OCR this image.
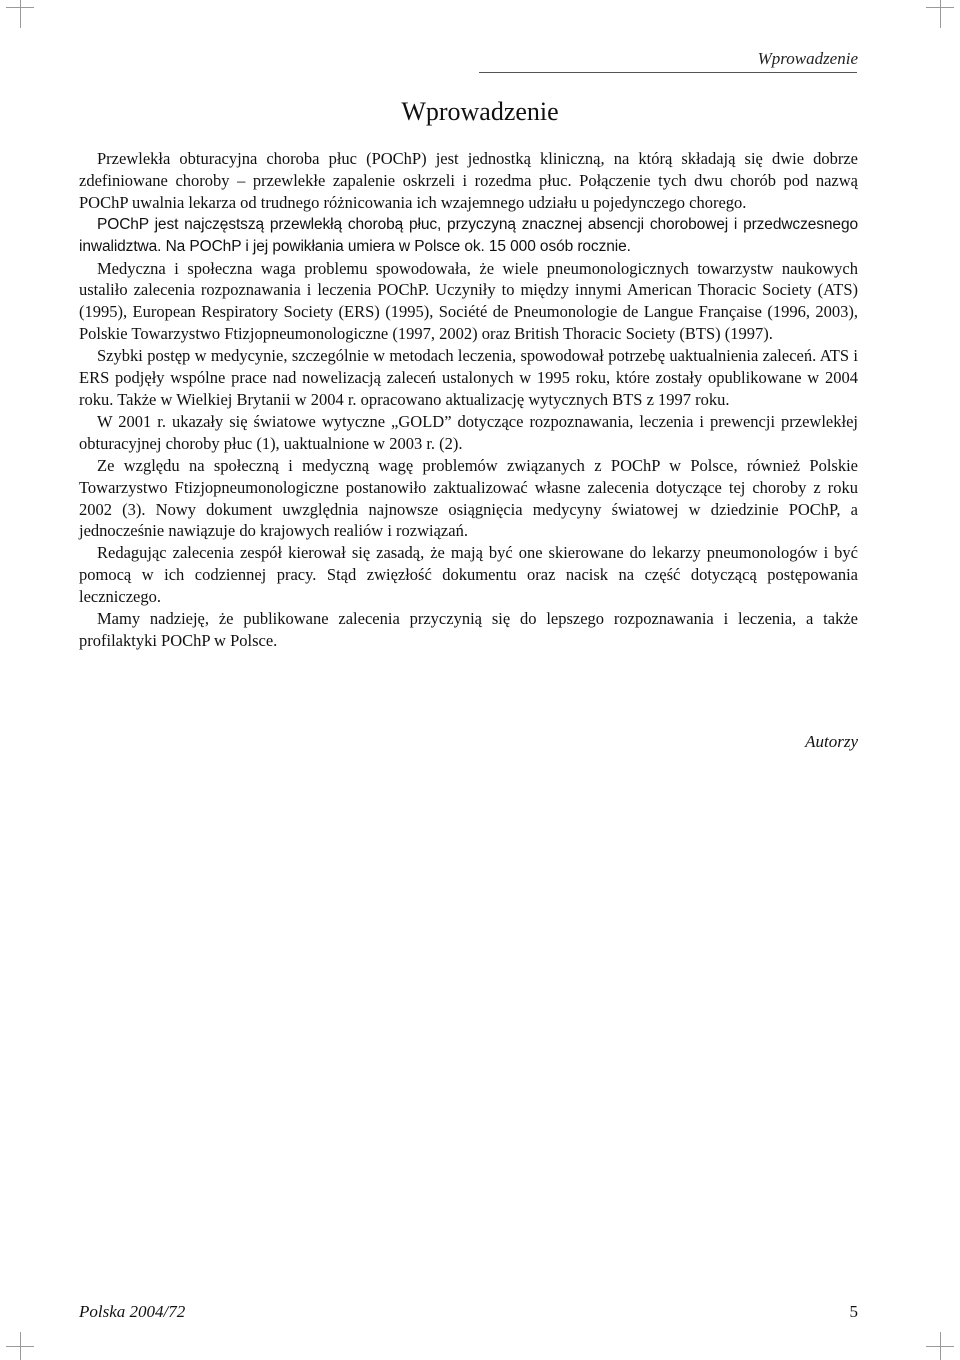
Wprowadzenie
Wprowadzenie

Przewlekła obturacyjna choroba płuc (POChP) jest jednostką kliniczną, na którą składają się dwie dobrze zdefiniowane choroby – przewlekłe zapalenie oskrzeli i rozedma płuc. Połączenie tych dwu chorób pod nazwą POChP uwalnia lekarza od trudnego różnicowania ich wzajemnego udziału u pojedynczego chorego.

POChP jest najczęstszą przewlekłą chorobą płuc, przyczyną znacznej absencji chorobowej i przedwczesnego inwalidztwa. Na POChP i jej powikłania umiera w Polsce ok. 15 000 osób rocznie.

Medyczna i społeczna waga problemu spowodowała, że wiele pneumonologicznych towarzystw naukowych ustaliło zalecenia rozpoznawania i leczenia POChP. Uczyniły to między innymi American Thoracic Society (ATS) (1995), European Respiratory Society (ERS) (1995), Société de Pneumonologie de Langue Française (1996, 2003), Polskie Towarzystwo Ftizjopneumonologiczne (1997, 2002) oraz British Thoracic Society (BTS) (1997).

Szybki postęp w medycynie, szczególnie w metodach leczenia, spowodował potrzebę uaktualnienia zaleceń. ATS i ERS podjęły wspólne prace nad nowelizacją zaleceń ustalonych w 1995 roku, które zostały opublikowane w 2004 roku. Także w Wielkiej Brytanii w 2004 r. opracowano aktualizację wytycznych BTS z 1997 roku.

W 2001 r. ukazały się światowe wytyczne „GOLD” dotyczące rozpoznawania, leczenia i prewencji przewlekłej obturacyjnej choroby płuc (1), uaktualnione w 2003 r. (2).

Ze względu na społeczną i medyczną wagę problemów związanych z POChP w Polsce, również Polskie Towarzystwo Ftizjopneumonologiczne postanowiło zaktualizować własne zalecenia dotyczące tej choroby z roku 2002 (3). Nowy dokument uwzględnia najnowsze osiągnięcia medycyny światowej w dziedzinie POChP, a jednocześnie nawiązuje do krajowych realiów i rozwiązań.

Redagując zalecenia zespół kierował się zasadą, że mają być one skierowane do lekarzy pneumonologów i być pomocą w ich codziennej pracy. Stąd zwięzłość dokumentu oraz nacisk na część dotyczącą postępowania leczniczego.

Mamy nadzieję, że publikowane zalecenia przyczynią się do lepszego rozpoznawania i leczenia, a także profilaktyki POChP w Polsce.

Autorzy

Polska 2004/72	5
